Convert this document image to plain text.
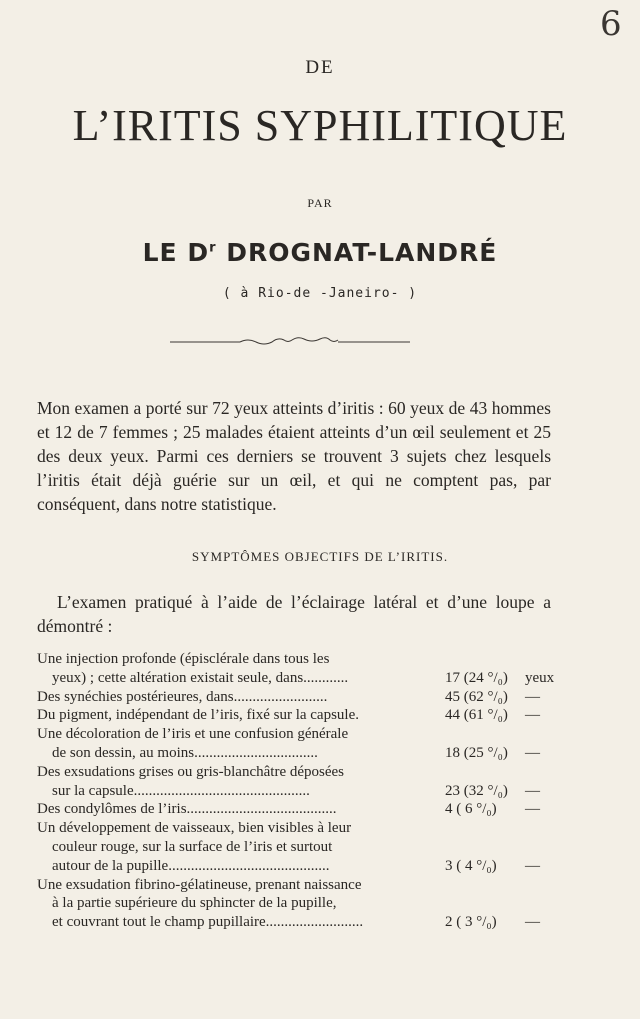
6
DE
L’IRITIS SYPHILITIQUE
PAR
LE $D^r$ DROGNAT-LANDRÉ
( à Rio-de -Janeiro- )
Mon examen a porté sur 72 yeux atteints d’iritis : 60 yeux de 43 hommes et 12 de 7 femmes ; 25 malades étaient atteints d’un œil seulement et 25 des deux yeux. Parmi ces derniers se trouvent 3 sujets chez lesquels l’iritis était déjà guérie sur un œil, et qui ne comptent pas, par conséquent, dans notre statistique.
SYMPTÔMES OBJECTIFS DE L’IRITIS.
L’examen pratiqué à l’aide de l’éclairage latéral et d’une loupe a démontré :
Une injection profonde (épisclérale dans tous les
yeux) ; cette altération existait seule, dans............	17 (24 °/₀) yeux
Des synéchies postérieures, dans.........................	45 (62 °/₀) —
Du pigment, indépendant de l’iris, fixé sur la capsule.	44 (61 °/₀) —
Une décoloration de l’iris et une confusion générale
de son dessin, au moins.................................	18 (25 °/₀) —
Des exsudations grises ou gris-blanchâtre déposées
sur la capsule...............................................	23 (32 °/₀) —
Des condylômes de l’iris........................................	4 ( 6 °/₀) —
Un développement de vaisseaux, bien visibles à leur
couleur rouge, sur la surface de l’iris et surtout
autour de la pupille...........................................	3 ( 4 °/₀) —
Une exsudation fibrino-gélatineuse, prenant naissance
à la partie supérieure du sphincter de la pupille,
et couvrant tout le champ pupillaire..........................	2 ( 3 °/₀) —
